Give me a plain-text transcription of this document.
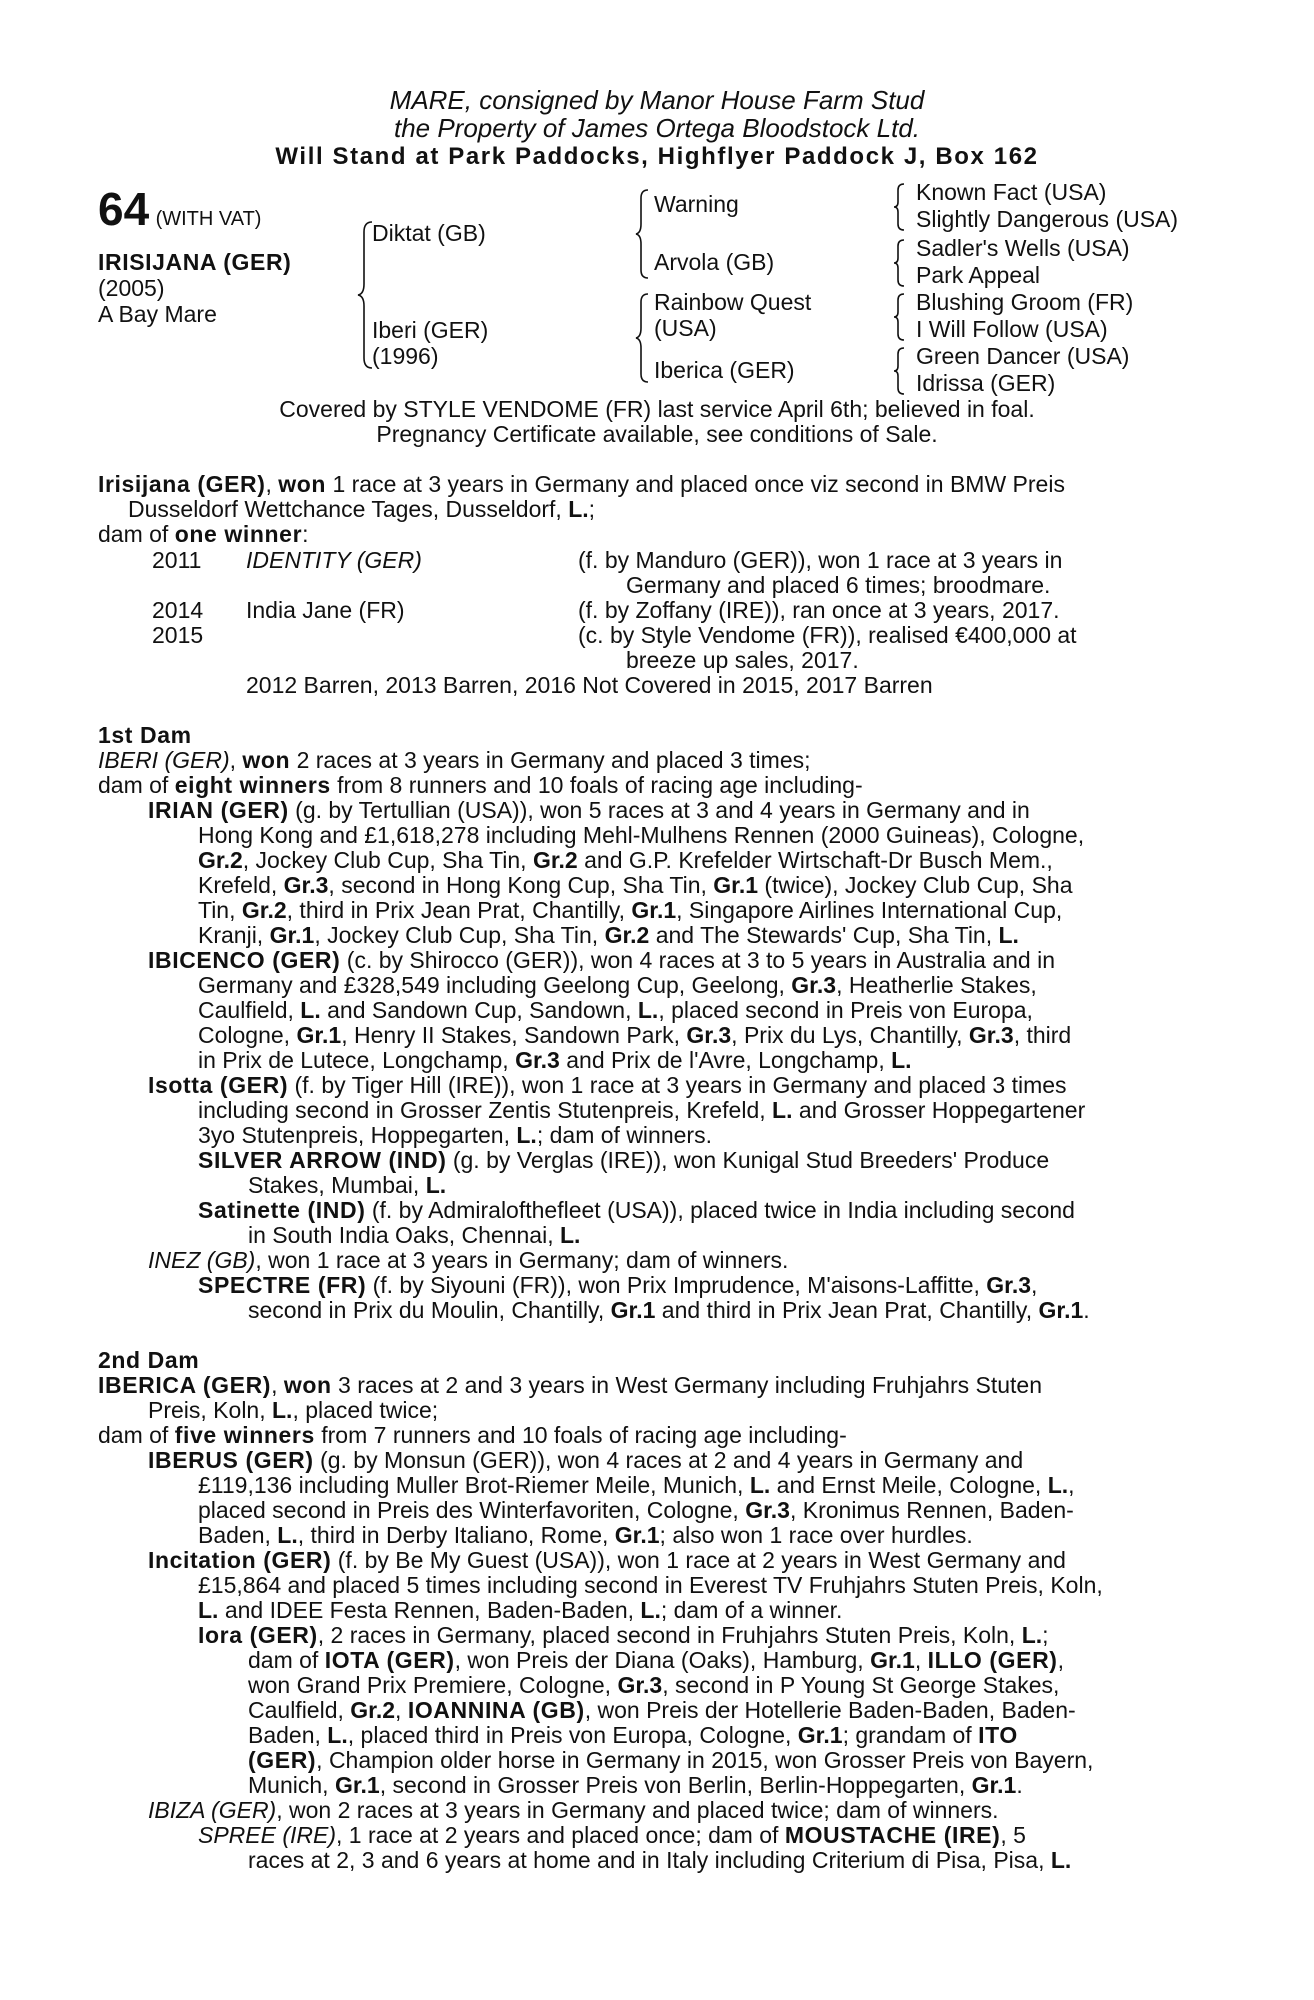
MARE, consigned by Manor House Farm Stud
the Property of James Ortega Bloodstock Ltd.
Will Stand at Park Paddocks, Highflyer Paddock J, Box 162
64 (WITH VAT)
IRISIJANA (GER)
(2005)
A Bay Mare
Diktat (GB)
Iberi (GER)
(1996)
Warning
Arvola (GB)
Rainbow Quest
(USA)
Iberica (GER)
Known Fact (USA)
Slightly Dangerous (USA)
Sadler's Wells (USA)
Park Appeal
Blushing Groom (FR)
I Will Follow (USA)
Green Dancer (USA)
Idrissa (GER)
Covered by STYLE VENDOME (FR) last service April 6th; believed in foal.
Pregnancy Certificate available, see conditions of Sale.
Irisijana (GER), won 1 race at 3 years in Germany and placed once viz second in BMW Preis
Dusseldorf Wettchance Tages, Dusseldorf, L.;
dam of one winner:
2011 IDENTITY (GER)	(f. by Manduro (GER)), won 1 race at 3 years in
Germany and placed 6 times; broodmare.
2014 India Jane (FR)	(f. by Zoffany (IRE)), ran once at 3 years, 2017.
2015	(c. by Style Vendome (FR)), realised €400,000 at
breeze up sales, 2017.
2012 Barren, 2013 Barren, 2016 Not Covered in 2015, 2017 Barren
1st Dam
IBERI (GER), won 2 races at 3 years in Germany and placed 3 times;
dam of eight winners from 8 runners and 10 foals of racing age including-
IRIAN (GER) (g. by Tertullian (USA)), won 5 races at 3 and 4 years in Germany and in
Hong Kong and £1,618,278 including Mehl-Mulhens Rennen (2000 Guineas), Cologne,
Gr.2, Jockey Club Cup, Sha Tin, Gr.2 and G.P. Krefelder Wirtschaft-Dr Busch Mem.,
Krefeld, Gr.3, second in Hong Kong Cup, Sha Tin, Gr.1 (twice), Jockey Club Cup, Sha
Tin, Gr.2, third in Prix Jean Prat, Chantilly, Gr.1, Singapore Airlines International Cup,
Kranji, Gr.1, Jockey Club Cup, Sha Tin, Gr.2 and The Stewards' Cup, Sha Tin, L.
IBICENCO (GER) (c. by Shirocco (GER)), won 4 races at 3 to 5 years in Australia and in
Germany and £328,549 including Geelong Cup, Geelong, Gr.3, Heatherlie Stakes,
Caulfield, L. and Sandown Cup, Sandown, L., placed second in Preis von Europa,
Cologne, Gr.1, Henry II Stakes, Sandown Park, Gr.3, Prix du Lys, Chantilly, Gr.3, third
in Prix de Lutece, Longchamp, Gr.3 and Prix de l'Avre, Longchamp, L.
Isotta (GER) (f. by Tiger Hill (IRE)), won 1 race at 3 years in Germany and placed 3 times
including second in Grosser Zentis Stutenpreis, Krefeld, L. and Grosser Hoppegartener
3yo Stutenpreis, Hoppegarten, L.; dam of winners.
SILVER ARROW (IND) (g. by Verglas (IRE)), won Kunigal Stud Breeders' Produce
Stakes, Mumbai, L.
Satinette (IND) (f. by Admiralofthefleet (USA)), placed twice in India including second
in South India Oaks, Chennai, L.
INEZ (GB), won 1 race at 3 years in Germany; dam of winners.
SPECTRE (FR) (f. by Siyouni (FR)), won Prix Imprudence, M'aisons-Laffitte, Gr.3,
second in Prix du Moulin, Chantilly, Gr.1 and third in Prix Jean Prat, Chantilly, Gr.1.
2nd Dam
IBERICA (GER), won 3 races at 2 and 3 years in West Germany including Fruhjahrs Stuten
Preis, Koln, L., placed twice;
dam of five winners from 7 runners and 10 foals of racing age including-
IBERUS (GER) (g. by Monsun (GER)), won 4 races at 2 and 4 years in Germany and
£119,136 including Muller Brot-Riemer Meile, Munich, L. and Ernst Meile, Cologne, L.,
placed second in Preis des Winterfavoriten, Cologne, Gr.3, Kronimus Rennen, Baden-
Baden, L., third in Derby Italiano, Rome, Gr.1; also won 1 race over hurdles.
Incitation (GER) (f. by Be My Guest (USA)), won 1 race at 2 years in West Germany and
£15,864 and placed 5 times including second in Everest TV Fruhjahrs Stuten Preis, Koln,
L. and IDEE Festa Rennen, Baden-Baden, L.; dam of a winner.
Iora (GER), 2 races in Germany, placed second in Fruhjahrs Stuten Preis, Koln, L.;
dam of IOTA (GER), won Preis der Diana (Oaks), Hamburg, Gr.1, ILLO (GER),
won Grand Prix Premiere, Cologne, Gr.3, second in P Young St George Stakes,
Caulfield, Gr.2, IOANNINA (GB), won Preis der Hotellerie Baden-Baden, Baden-
Baden, L., placed third in Preis von Europa, Cologne, Gr.1; grandam of ITO
(GER), Champion older horse in Germany in 2015, won Grosser Preis von Bayern,
Munich, Gr.1, second in Grosser Preis von Berlin, Berlin-Hoppegarten, Gr.1.
IBIZA (GER), won 2 races at 3 years in Germany and placed twice; dam of winners.
SPREE (IRE), 1 race at 2 years and placed once; dam of MOUSTACHE (IRE), 5
races at 2, 3 and 6 years at home and in Italy including Criterium di Pisa, Pisa, L.
